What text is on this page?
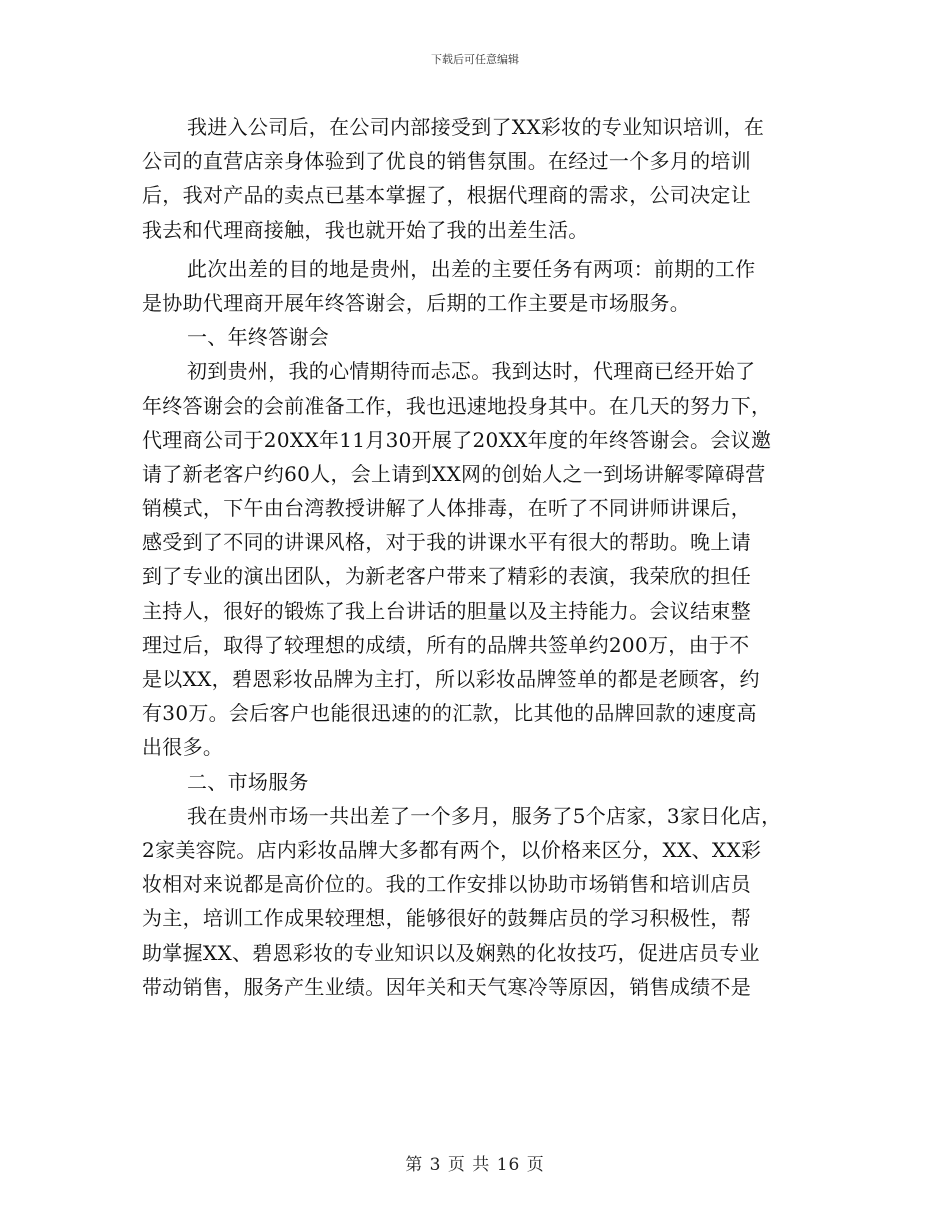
下载后可任意编辑
我进入公司后，在公司内部接受到了XX彩妆的专业知识培训，在
公司的直营店亲身体验到了优良的销售氛围。在经过一个多月的培训
后，我对产品的卖点已基本掌握了，根据代理商的需求，公司决定让
我去和代理商接触，我也就开始了我的出差生活。
此次出差的目的地是贵州，出差的主要任务有两项：前期的工作
是协助代理商开展年终答谢会，后期的工作主要是市场服务。
一、年终答谢会
初到贵州，我的心情期待而忐忑。我到达时，代理商已经开始了
年终答谢会的会前准备工作，我也迅速地投身其中。在几天的努力下，
代理商公司于20XX年11月30开展了20XX年度的年终答谢会。会议邀
请了新老客户约60人，会上请到XX网的创始人之一到场讲解零障碍营
销模式，下午由台湾教授讲解了人体排毒，在听了不同讲师讲课后，
感受到了不同的讲课风格，对于我的讲课水平有很大的帮助。晚上请
到了专业的演出团队，为新老客户带来了精彩的表演，我荣欣的担任
主持人，很好的锻炼了我上台讲话的胆量以及主持能力。会议结束整
理过后，取得了较理想的成绩，所有的品牌共签单约200万，由于不
是以XX，碧恩彩妆品牌为主打，所以彩妆品牌签单的都是老顾客，约
有30万。会后客户也能很迅速的的汇款，比其他的品牌回款的速度高
出很多。
二、市场服务
我在贵州市场一共出差了一个多月，服务了5个店家，3家日化店，
2家美容院。店内彩妆品牌大多都有两个，以价格来区分，XX、XX彩
妆相对来说都是高价位的。我的工作安排以协助市场销售和培训店员
为主，培训工作成果较理想，能够很好的鼓舞店员的学习积极性，帮
助掌握XX、碧恩彩妆的专业知识以及娴熟的化妆技巧，促进店员专业
带动销售，服务产生业绩。因年关和天气寒冷等原因，销售成绩不是
第 3 页 共 16 页
